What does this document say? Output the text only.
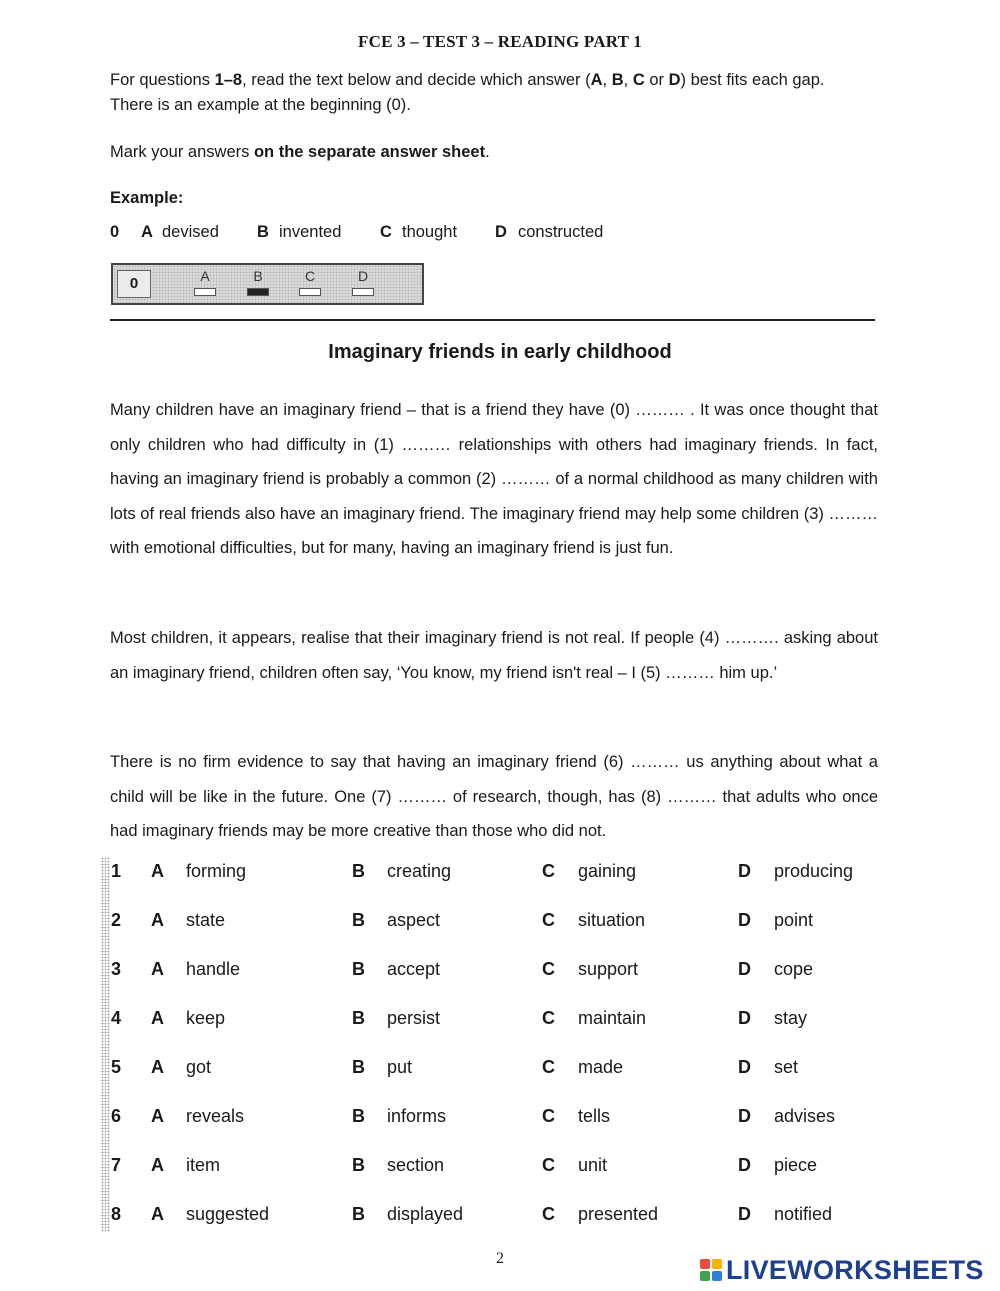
FCE 3 – TEST 3 – READING PART 1
For questions 1–8, read the text below and decide which answer (A, B, C or D) best fits each gap.
There is an example at the beginning (0).
Mark your answers on the separate answer sheet.
Example:
0 A devised B invented C thought D constructed
0	A	B	C	D
Imaginary friends in early childhood
Many children have an imaginary friend – that is a friend they have (0) ……… . It was once thought that only children who had difficulty in (1) ……… relationships with others had imaginary friends. In fact, having an imaginary friend is probably a common (2) ……… of a normal childhood as many children with lots of real friends also have an imaginary friend. The imaginary friend may help some children (3) ……… with emotional difficulties, but for many, having an imaginary friend is just fun.
Most children, it appears, realise that their imaginary friend is not real. If people (4) ………. asking about an imaginary friend, children often say, ‘You know, my friend isn't real – I (5) ……… him up.’
There is no firm evidence to say that having an imaginary friend (6) ……… us anything about what a child will be like in the future. One (7) ……… of research, though, has (8) ……… that adults who once had imaginary friends may be more creative than those who did not.
1 A forming	B creating	C gaining	D producing
2 A state	B aspect	C situation	D point
3 A handle	B accept	C support	D cope
4 A keep	B persist	C maintain	D stay
5 A got	B put	C made	D set
6 A reveals	B informs	C tells	D advises
7 A item	B section	C unit	D piece
8 A suggested	B displayed	C presented	D notified
2	LIVEWORKSHEETS
